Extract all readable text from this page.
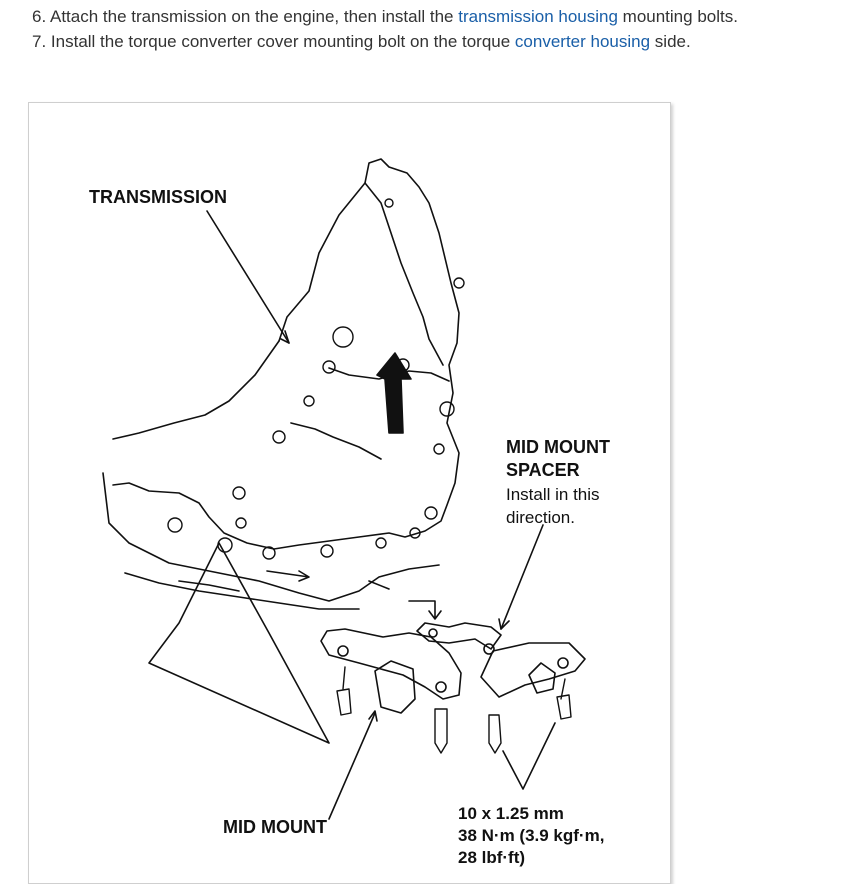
6. Attach the transmission on the engine, then install the transmission housing mounting bolts.
7. Install the torque converter cover mounting bolt on the torque converter housing side.
TRANSMISSION
MID MOUNT
SPACER
Install in this
direction.
MID MOUNT
10 x 1.25 mm
38 N·m (3.9 kgf·m,
28 lbf·ft)
